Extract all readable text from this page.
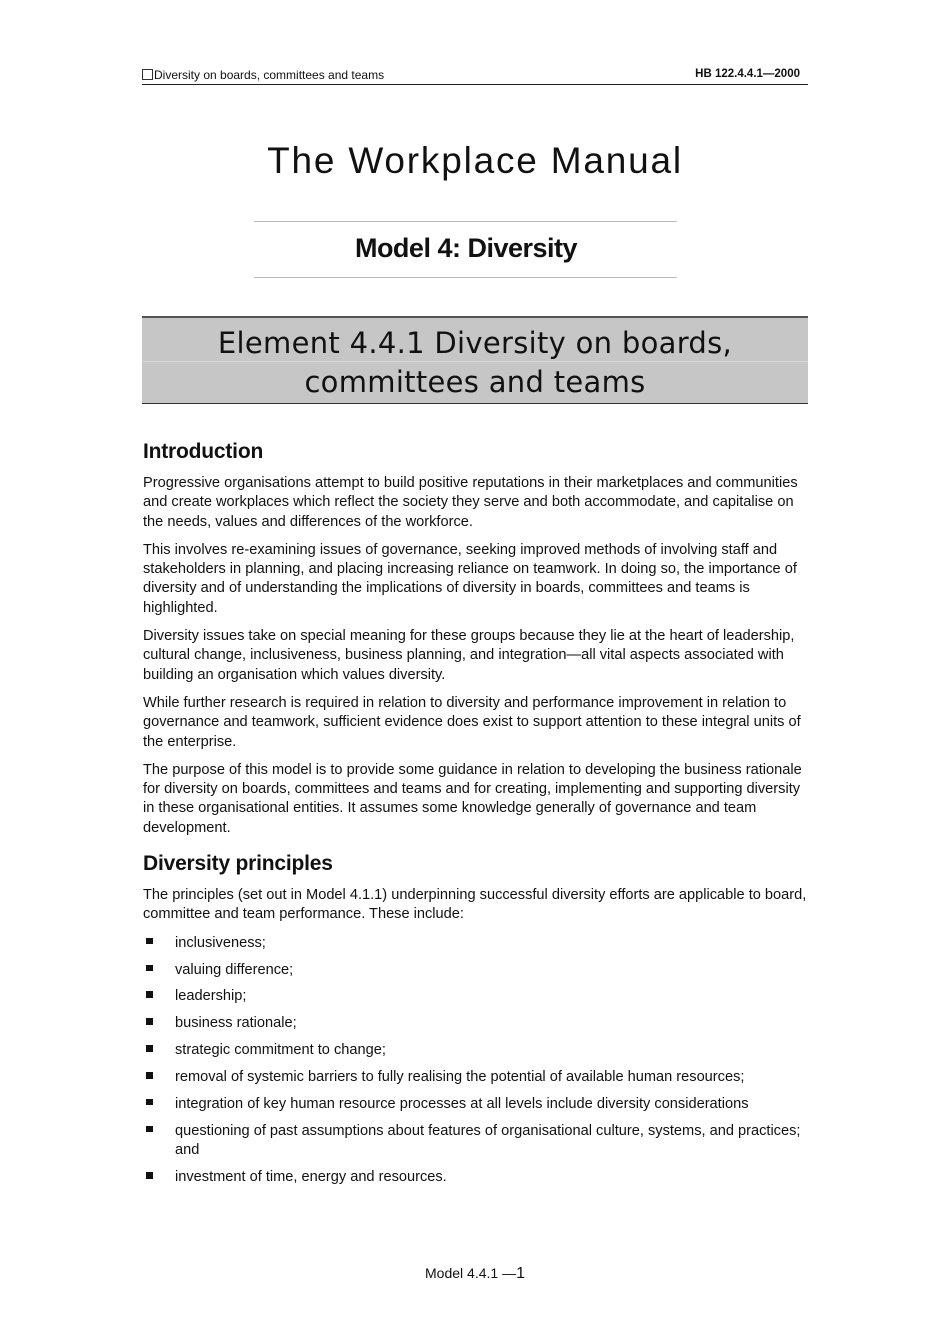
Diversity on boards, committees and teams	HB 122.4.4.1—2000
The Workplace Manual
Model 4: Diversity
Element 4.4.1 Diversity on boards,
committees and teams
Introduction

Progressive organisations attempt to build positive reputations in their marketplaces and communities and create workplaces which reflect the society they serve and both accommodate, and capitalise on the needs, values and differences of the workforce.

This involves re-examining issues of governance, seeking improved methods of involving staff and stakeholders in planning, and placing increasing reliance on teamwork. In doing so, the importance of diversity and of understanding the implications of diversity in boards, committees and teams is highlighted.

Diversity issues take on special meaning for these groups because they lie at the heart of leadership, cultural change, inclusiveness, business planning, and integration—all vital aspects associated with building an organisation which values diversity.

While further research is required in relation to diversity and performance improvement in relation to governance and teamwork, sufficient evidence does exist to support attention to these integral units of the enterprise.

The purpose of this model is to provide some guidance in relation to developing the business rationale for diversity on boards, committees and teams and for creating, implementing and supporting diversity in these organisational entities. It assumes some knowledge generally of governance and team development.

Diversity principles

The principles (set out in Model 4.1.1) underpinning successful diversity efforts are applicable to board, committee and team performance. These include:

inclusiveness;
valuing difference;
leadership;
business rationale;
strategic commitment to change;
removal of systemic barriers to fully realising the potential of available human resources;
integration of key human resource processes at all levels include diversity considerations
questioning of past assumptions about features of organisational culture, systems, and practices; and
investment of time, energy and resources.
Model 4.4.1 —1
